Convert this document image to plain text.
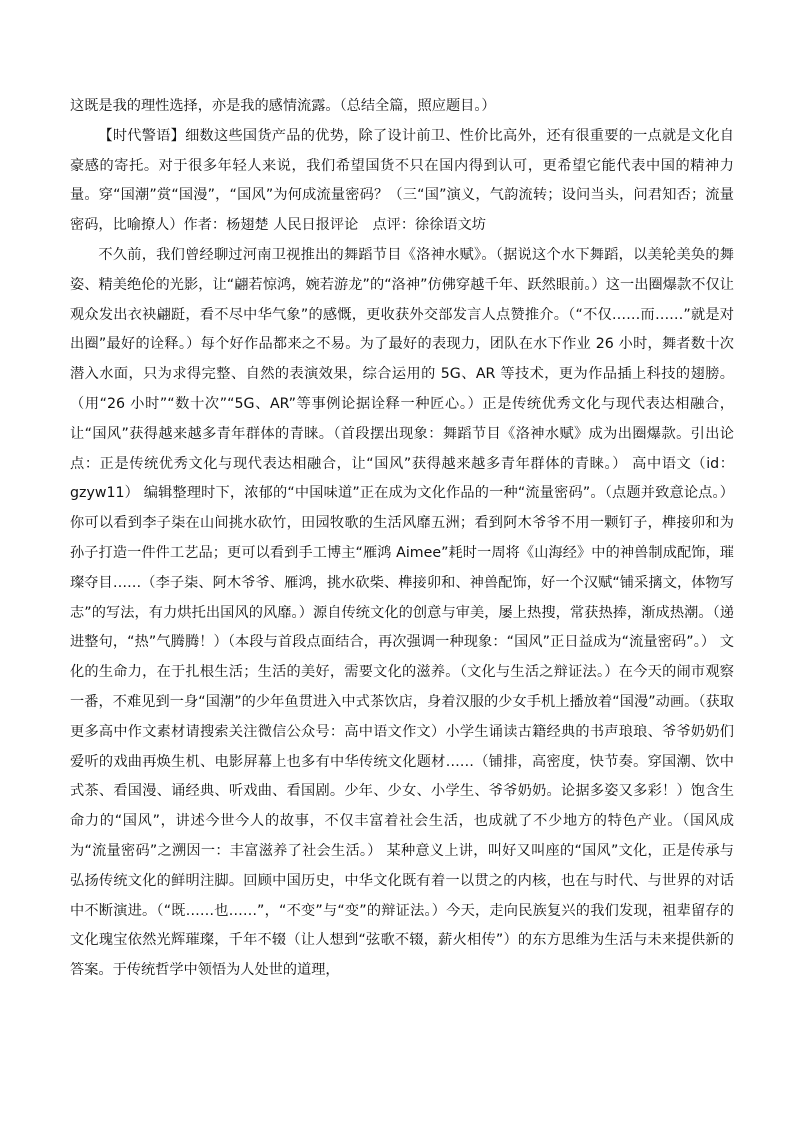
这既是我的理性选择，亦是我的感情流露。（总结全篇，照应题目。）

【时代警语】细数这些国货产品的优势，除了设计前卫、性价比高外，还有很重要的一点就是文化自豪感的寄托。对于很多年轻人来说，我们希望国货不只在国内得到认可，更希望它能代表中国的精神力量。穿“国潮”赏“国漫”，“国风”为何成流量密码？（三“国”演义，气韵流转；设问当头，问君知否；流量密码，比喻撩人）作者：杨翅楚 人民日报评论　点评：徐徐语文坊

不久前，我们曾经聊过河南卫视推出的舞蹈节目《洛神水赋》。（据说这个水下舞蹈，以美轮美奂的舞姿、精美绝伦的光影，让“翩若惊鸿，婉若游龙”的“洛神”仿佛穿越千年、跃然眼前。）这一出圈爆款不仅让观众发出衣袂翩跹，看不尽中华气象”的感慨，更收获外交部发言人点赞推介。（“不仅……而……”就是对出圈”最好的诠释。）每个好作品都来之不易。为了最好的表现力，团队在水下作业 26 小时，舞者数十次潜入水面，只为求得完整、自然的表演效果，综合运用的 5G、AR 等技术，更为作品插上科技的翅膀。（用“26 小时”“数十次”“5G、AR”等事例论据诠释一种匠心。）正是传统优秀文化与现代表达相融合，让“国风”获得越来越多青年群体的青睐。（首段摆出现象：舞蹈节目《洛神水赋》成为出圈爆款。引出论点：正是传统优秀文化与现代表达相融合，让“国风”获得越来越多青年群体的青睐。） 高中语文（id：gzyw11） 编辑整理时下，浓郁的“中国味道”正在成为文化作品的一种“流量密码”。（点题并致意论点。）你可以看到李子柒在山间挑水砍竹，田园牧歌的生活风靡五洲；看到阿木爷爷不用一颗钉子，榫接卯和为孙子打造一件件工艺品；更可以看到手工博主“雁鸿 Aimee”耗时一周将《山海经》中的神兽制成配饰，璀璨夺目……（李子柒、阿木爷爷、雁鸿，挑水砍柴、榫接卯和、神兽配饰，好一个汉赋“铺采摛文，体物写志”的写法，有力烘托出国风的风靡。）源自传统文化的创意与审美，屡上热搜，常获热捧，渐成热潮。（递进整句，“热”气腾腾！）（本段与首段点面结合，再次强调一种现象：“国风”正日益成为“流量密码”。） 文化的生命力，在于扎根生活；生活的美好，需要文化的滋养。（文化与生活之辩证法。）在今天的闹市观察一番，不难见到一身“国潮”的少年鱼贯进入中式茶饮店，身着汉服的少女手机上播放着“国漫”动画。（获取更多高中作文素材请搜索关注微信公众号：高中语文作文）小学生诵读古籍经典的书声琅琅、爷爷奶奶们爱听的戏曲再焕生机、电影屏幕上也多有中华传统文化题材……（铺排，高密度，快节奏。穿国潮、饮中式茶、看国漫、诵经典、听戏曲、看国剧。少年、少女、小学生、爷爷奶奶。论据多姿又多彩！）饱含生命力的“国风”，讲述今世今人的故事，不仅丰富着社会生活，也成就了不少地方的特色产业。（国风成为“流量密码”之溯因一：丰富滋养了社会生活。） 某种意义上讲，叫好又叫座的“国风”文化，正是传承与弘扬传统文化的鲜明注脚。回顾中国历史，中华文化既有着一以贯之的内核，也在与时代、与世界的对话中不断演进。（“既……也……”，“不变”与“变”的辩证法。）今天，走向民族复兴的我们发现，祖辈留存的文化瑰宝依然光辉璀璨，千年不辍（让人想到“弦歌不辍，薪火相传”）的东方思维为生活与未来提供新的答案。于传统哲学中领悟为人处世的道理，
